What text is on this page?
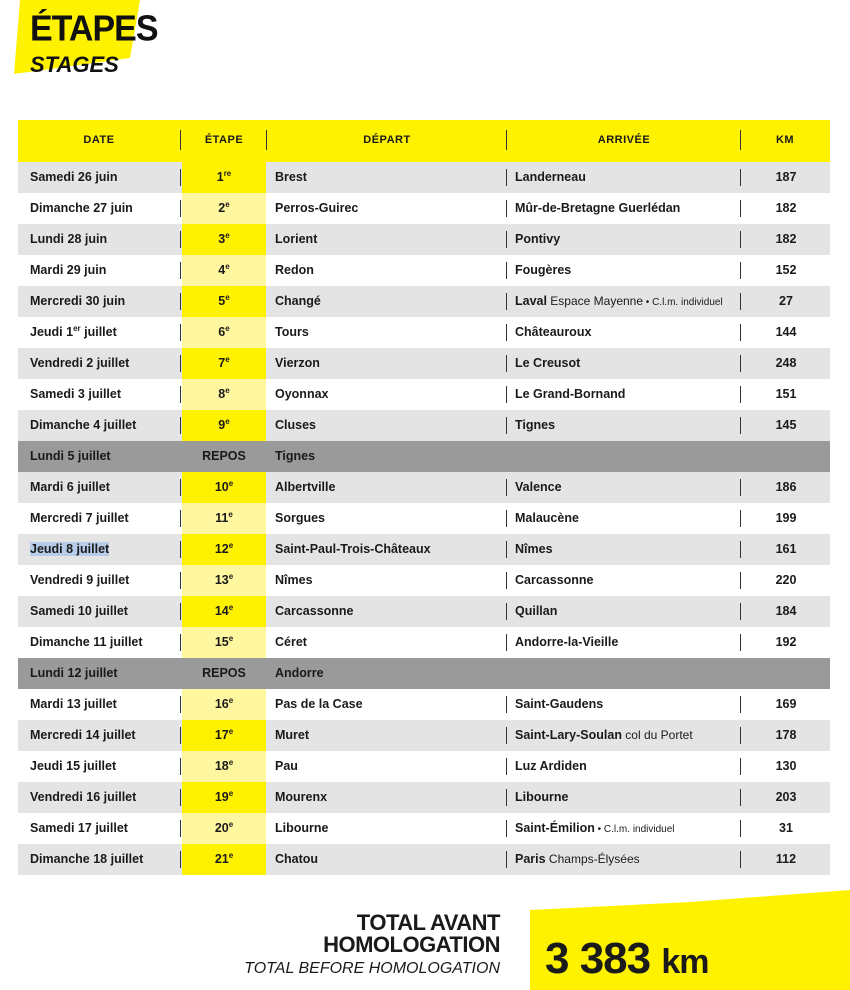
ÉTAPES
STAGES
DATE	ÉTAPE	DÉPART	ARRIVÉE	KM
Samedi 26 juin	1re	Brest	Landerneau	187
Dimanche 27 juin	2e	Perros-Guirec	Mûr-de-Bretagne Guerlédan	182
Lundi 28 juin	3e	Lorient	Pontivy	182
Mardi 29 juin	4e	Redon	Fougères	152
Mercredi 30 juin	5e	Changé	Laval Espace Mayenne • C.l.m. individuel	27
Jeudi 1er juillet	6e	Tours	Châteauroux	144
Vendredi 2 juillet	7e	Vierzon	Le Creusot	248
Samedi 3 juillet	8e	Oyonnax	Le Grand-Bornand	151
Dimanche 4 juillet	9e	Cluses	Tignes	145
Lundi 5 juillet	REPOS	Tignes
Mardi 6 juillet	10e	Albertville	Valence	186
Mercredi 7 juillet	11e	Sorgues	Malaucène	199
Jeudi 8 juillet	12e	Saint-Paul-Trois-Châteaux	Nîmes	161
Vendredi 9 juillet	13e	Nîmes	Carcassonne	220
Samedi 10 juillet	14e	Carcassonne	Quillan	184
Dimanche 11 juillet	15e	Céret	Andorre-la-Vieille	192
Lundi 12 juillet	REPOS	Andorre
Mardi 13 juillet	16e	Pas de la Case	Saint-Gaudens	169
Mercredi 14 juillet	17e	Muret	Saint-Lary-Soulan col du Portet	178
Jeudi 15 juillet	18e	Pau	Luz Ardiden	130
Vendredi 16 juillet	19e	Mourenx	Libourne	203
Samedi 17 juillet	20e	Libourne	Saint-Émilion • C.l.m. individuel	31
Dimanche 18 juillet	21e	Chatou	Paris Champs-Élysées	112
TOTAL AVANT
HOMOLOGATION
TOTAL BEFORE HOMOLOGATION 3 383 km
